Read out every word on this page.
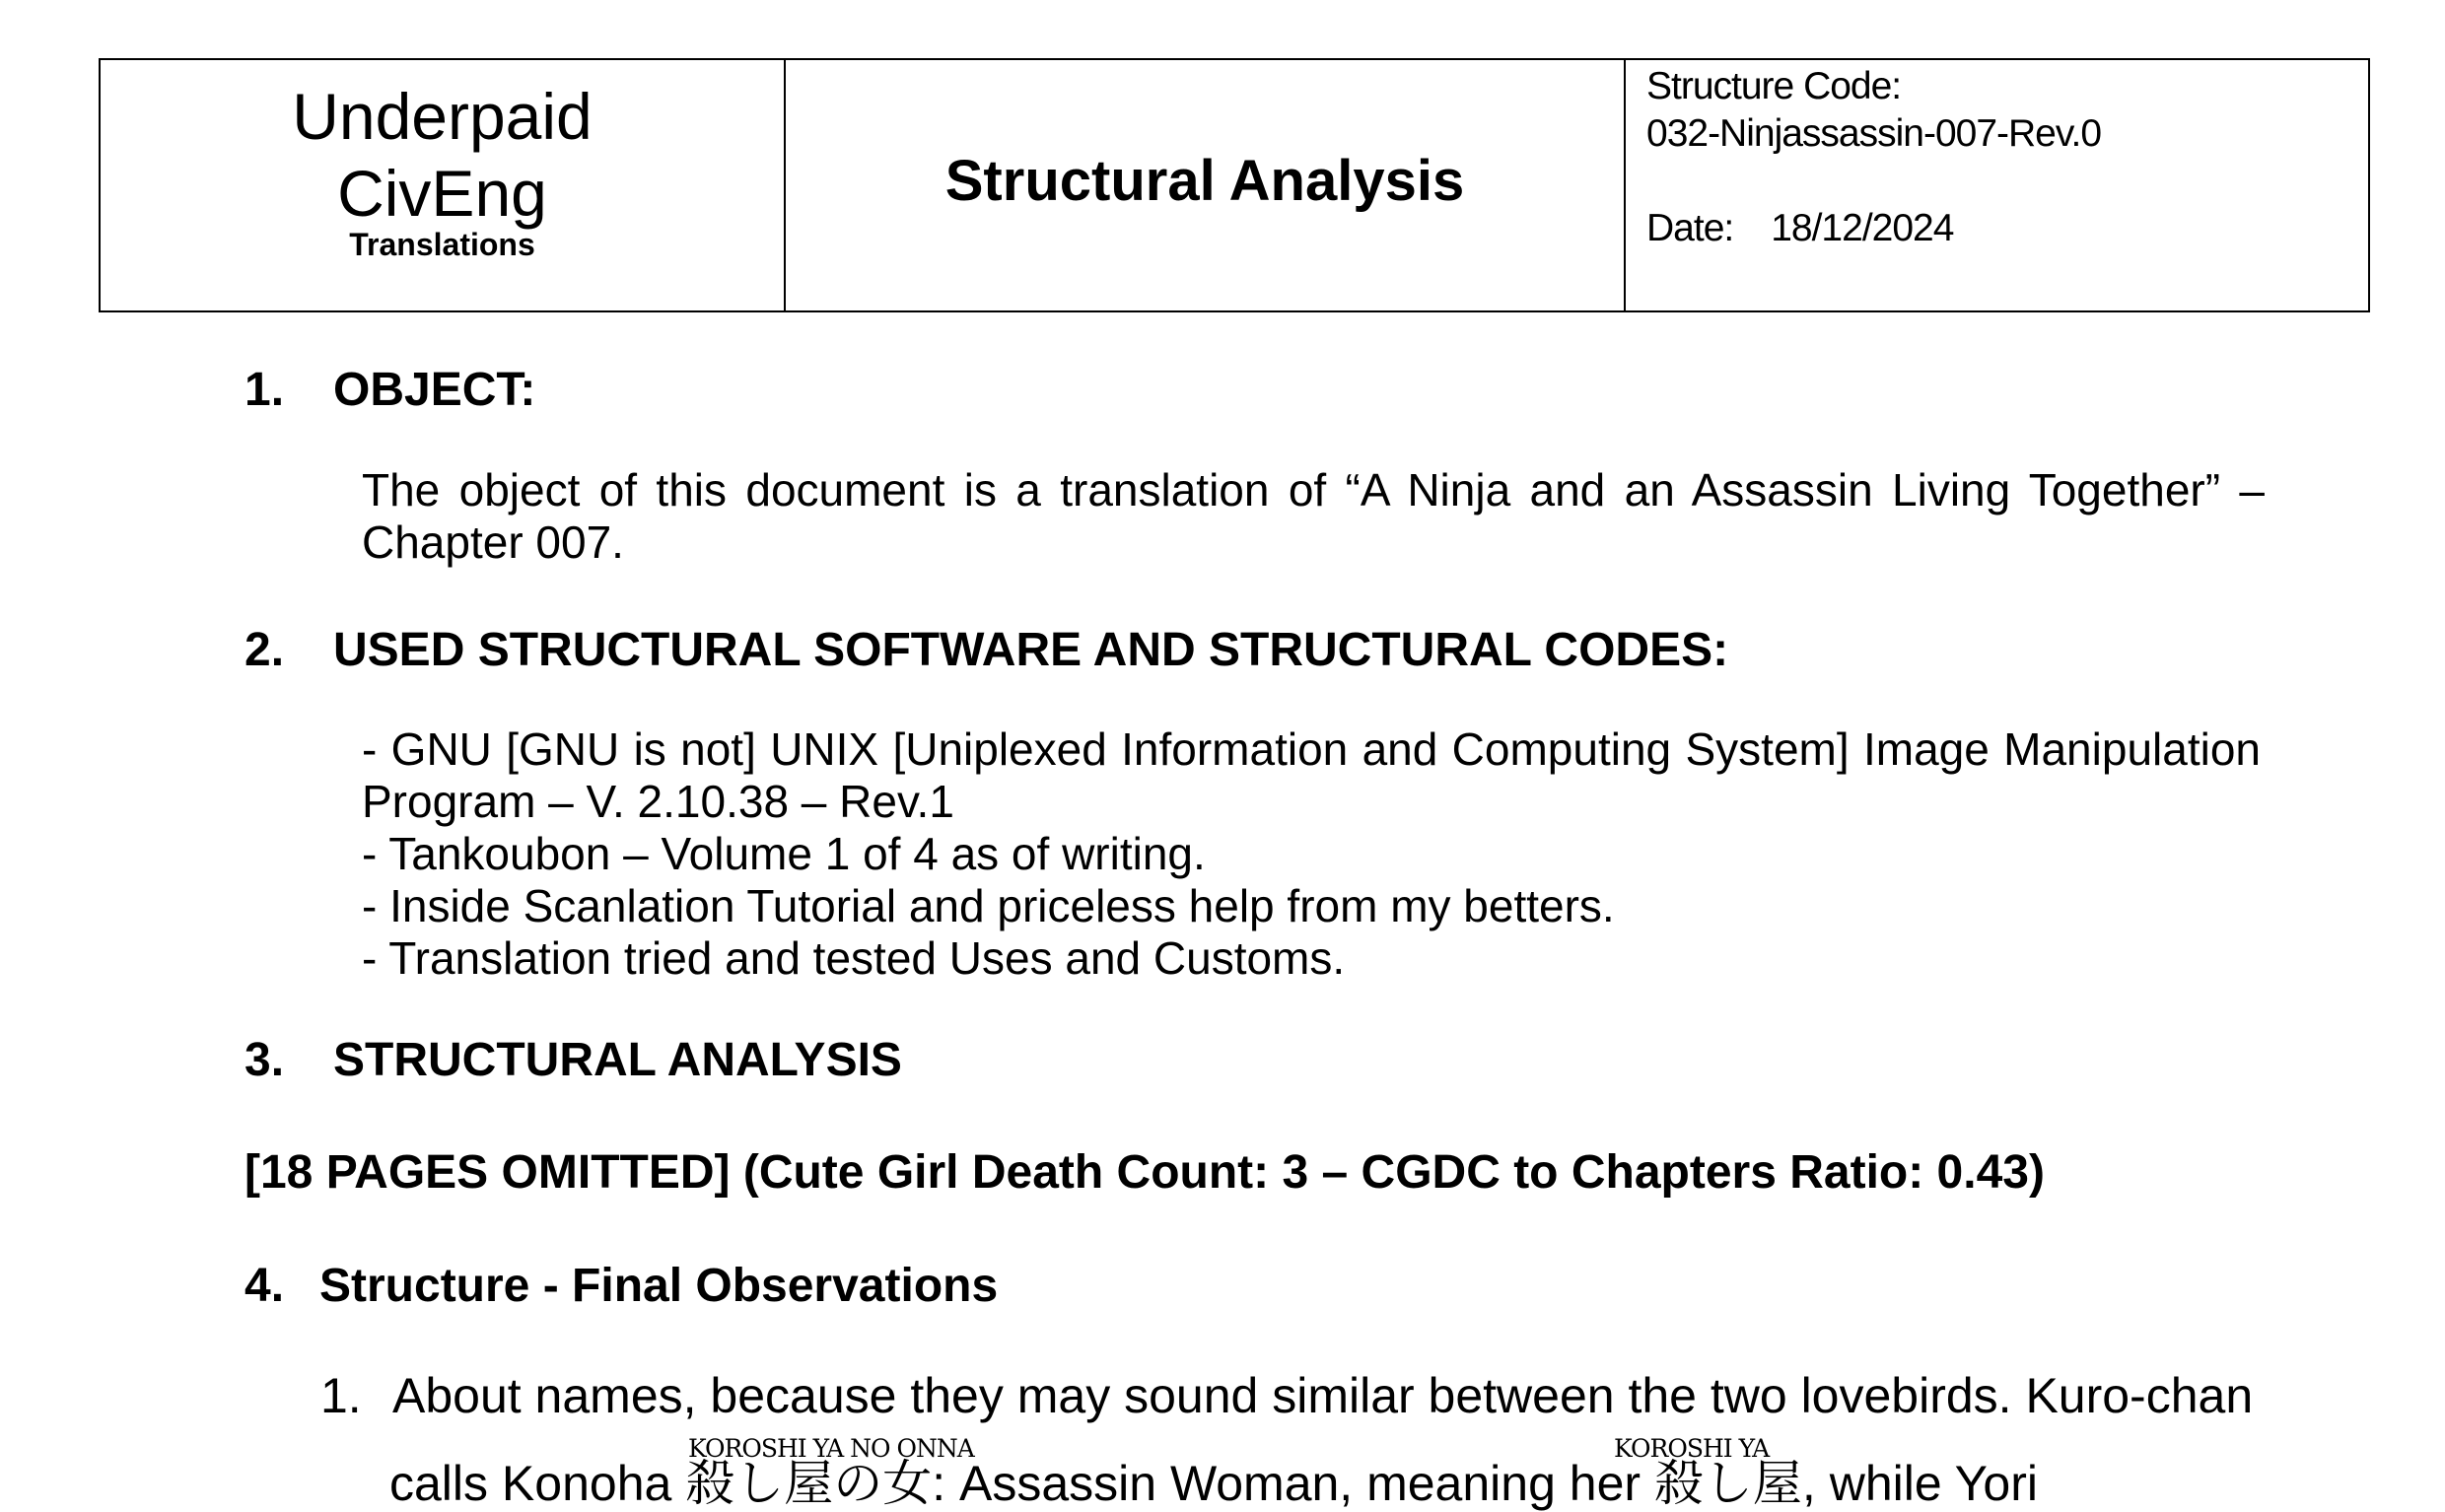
Underpaid
CivEng
Translations
Structural Analysis
Structure Code:
032-Ninjassassin-007-Rev.0
Date: 18/12/2024
1. OBJECT:
The object of this document is a translation of “A Ninja and an Assassin Living Together” –
Chapter 007.
2. USED STRUCTURAL SOFTWARE AND STRUCTURAL CODES:
- GNU [GNU is not] UNIX [Uniplexed Information and Computing System] Image Manipulation
Program – V. 2.10.38 – Rev.1
- Tankoubon – Volume 1 of 4 as of writing.
- Inside Scanlation Tutorial and priceless help from my betters.
- Translation tried and tested Uses and Customs.
3. STRUCTURAL ANALYSIS
[18 PAGES OMITTED] (Cute Girl Death Count: 3 – CGDC to Chapters Ratio: 0.43)
4. Structure - Final Observations
1. About names, because they may sound similar between the two lovebirds. Kuro-chan
KOROSHI YA NO ONNA	KOROSHI YA
calls Konoha 殺し屋の女: Assassin Woman, meaning her 殺し屋, while Yori
